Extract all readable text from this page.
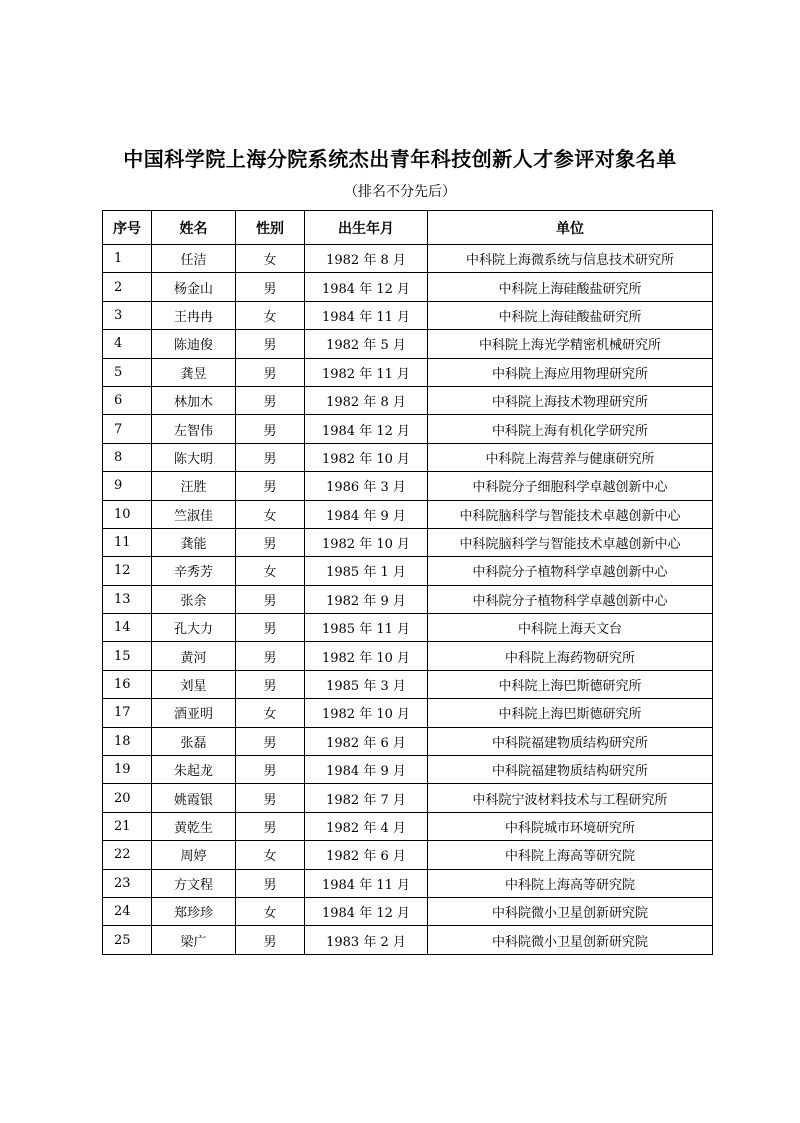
中国科学院上海分院系统杰出青年科技创新人才参评对象名单
（排名不分先后）
序号	姓名	性别	出生年月	单位
1	任洁	女	1982 年 8 月	中科院上海微系统与信息技术研究所
2	杨金山	男	1984 年 12 月	中科院上海硅酸盐研究所
3	王冉冉	女	1984 年 11 月	中科院上海硅酸盐研究所
4	陈迪俊	男	1982 年 5 月	中科院上海光学精密机械研究所
5	龚昱	男	1982 年 11 月	中科院上海应用物理研究所
6	林加木	男	1982 年 8 月	中科院上海技术物理研究所
7	左智伟	男	1984 年 12 月	中科院上海有机化学研究所
8	陈大明	男	1982 年 10 月	中科院上海营养与健康研究所
9	汪胜	男	1986 年 3 月	中科院分子细胞科学卓越创新中心
10	竺淑佳	女	1984 年 9 月	中科院脑科学与智能技术卓越创新中心
11	龚能	男	1982 年 10 月	中科院脑科学与智能技术卓越创新中心
12	辛秀芳	女	1985 年 1 月	中科院分子植物科学卓越创新中心
13	张余	男	1982 年 9 月	中科院分子植物科学卓越创新中心
14	孔大力	男	1985 年 11 月	中科院上海天文台
15	黄河	男	1982 年 10 月	中科院上海药物研究所
16	刘星	男	1985 年 3 月	中科院上海巴斯德研究所
17	酒亚明	女	1982 年 10 月	中科院上海巴斯德研究所
18	张磊	男	1982 年 6 月	中科院福建物质结构研究所
19	朱起龙	男	1984 年 9 月	中科院福建物质结构研究所
20	姚霞银	男	1982 年 7 月	中科院宁波材料技术与工程研究所
21	黄乾生	男	1982 年 4 月	中科院城市环境研究所
22	周婷	女	1982 年 6 月	中科院上海高等研究院
23	方文程	男	1984 年 11 月	中科院上海高等研究院
24	郑珍珍	女	1984 年 12 月	中科院微小卫星创新研究院
25	梁广	男	1983 年 2 月	中科院微小卫星创新研究院
